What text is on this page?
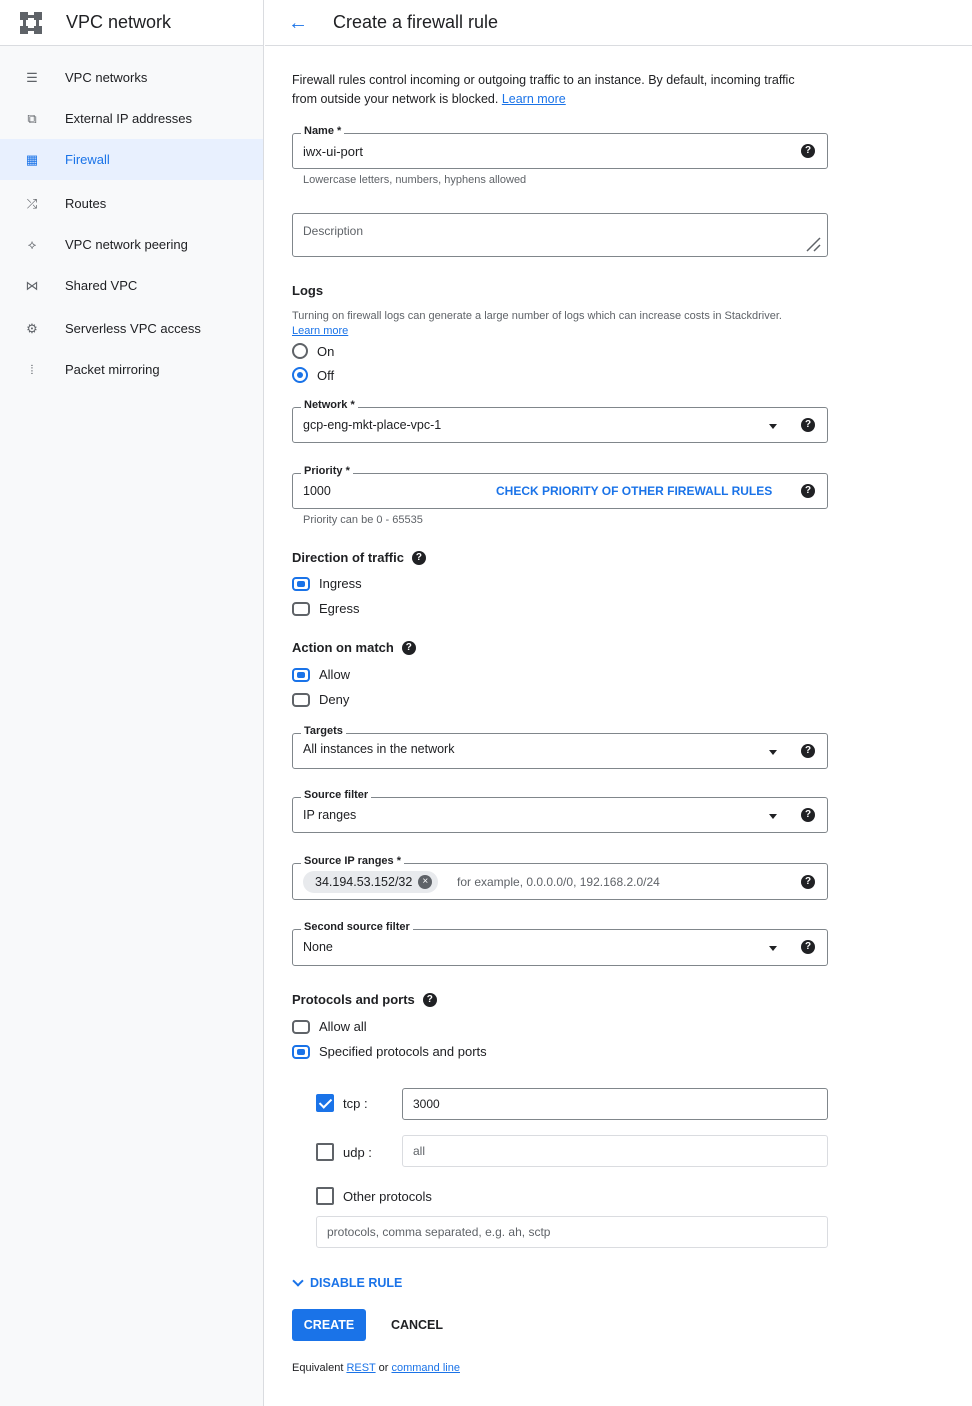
VPC network
☰ VPC networks
⧉ External IP addresses
▦ Firewall
⤮ Routes
⟡ VPC network peering
⋈ Shared VPC
⚙ Serverless VPC access
⦙	Packet mirroring
← Create a firewall rule
Firewall rules control incoming or outgoing traffic to an instance. By default, incoming traffic from outside your network is blocked. Learn more
Name *
iwx-ui-port	?
Lowercase letters, numbers, hyphens allowed
Description
Logs
Turning on firewall logs can generate a large number of logs which can increase costs in Stackdriver. Learn more
On
Off
Network *
gcp-eng-mkt-place-vpc-1	?
Priority *
1000	CHECK PRIORITY OF OTHER FIREWALL RULES	?
Priority can be 0 - 65535
Direction of traffic	?
Ingress
Egress
Action on match	?
Allow
Deny
Targets
All instances in the network	?
Source filter
IP ranges	?
Source IP ranges *
34.194.53.152/32	×	for example, 0.0.0.0/0, 192.168.2.0/24	?
Second source filter
None	?
Protocols and ports	?
Allow all
Specified protocols and ports
tcp :	3000
udp :	all
Other protocols
protocols, comma separated, e.g. ah, sctp
DISABLE RULE
CREATE	CANCEL
Equivalent REST or command line
